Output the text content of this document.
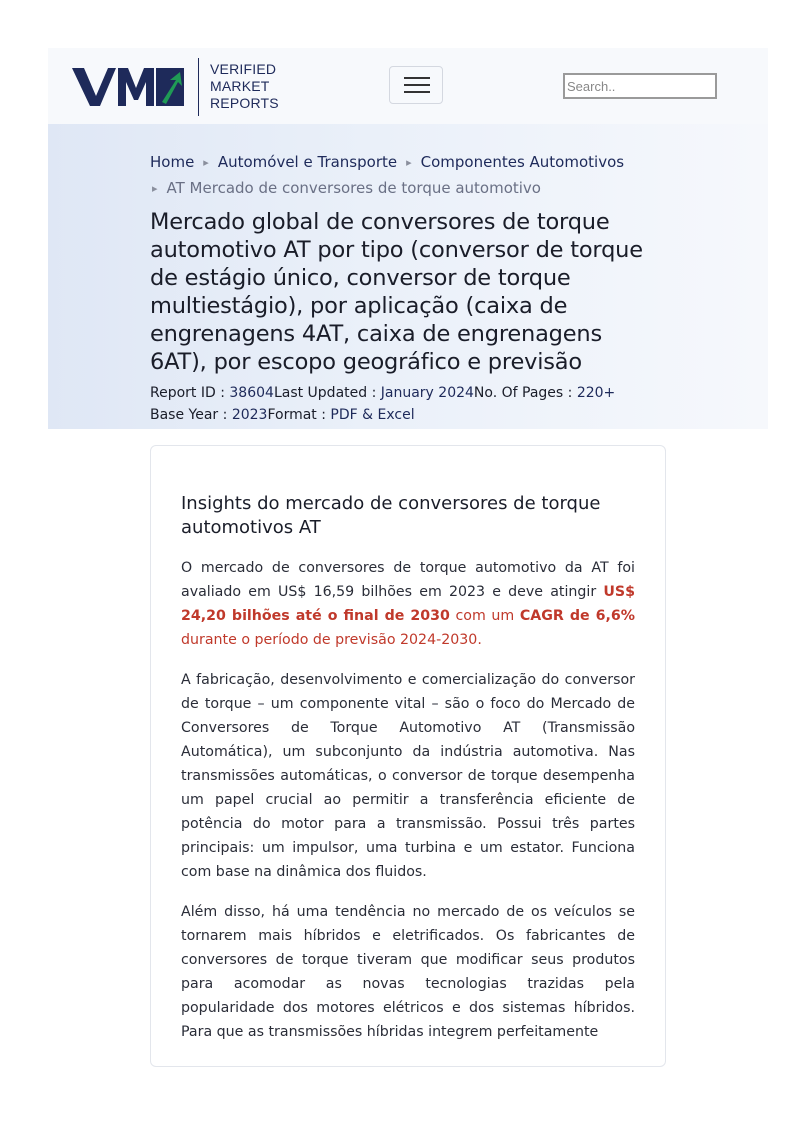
VERIFIED
MARKET
REPORTS
Search..
Home ▸ Automóvel e Transporte ▸ Componentes Automotivos
▸ AT Mercado de conversores de torque automotivo
Mercado global de conversores de torque automotivo AT por tipo (conversor de torque de estágio único, conversor de torque multiestágio), por aplicação (caixa de engrenagens 4AT, caixa de engrenagens 6AT), por escopo geográfico e previsão
Report ID : 38604Last Updated : January 2024No. Of Pages : 220+
Base Year : 2023Format : PDF & Excel
Insights do mercado de conversores de torque automotivos AT

O mercado de conversores de torque automotivo da AT foi avaliado em US$ 16,59 bilhões em 2023 e deve atingir US$ 24,20 bilhões até o final de 2030 com um CAGR de 6,6% durante o período de previsão 2024-2030.

A fabricação, desenvolvimento e comercialização do conversor de torque – um componente vital – são o foco do Mercado de Conversores de Torque Automotivo AT (Transmissão Automática), um subconjunto da indústria automotiva. Nas transmissões automáticas, o conversor de torque desempenha um papel crucial ao permitir a transferência eficiente de potência do motor para a transmissão. Possui três partes principais: um impulsor, uma turbina e um estator. Funciona com base na dinâmica dos fluidos.

Além disso, há uma tendência no mercado de os veículos se tornarem mais híbridos e eletrificados. Os fabricantes de conversores de torque tiveram que modificar seus produtos para acomodar as novas tecnologias trazidas pela popularidade dos motores elétricos e dos sistemas híbridos. Para que as transmissões híbridas integrem perfeitamente
